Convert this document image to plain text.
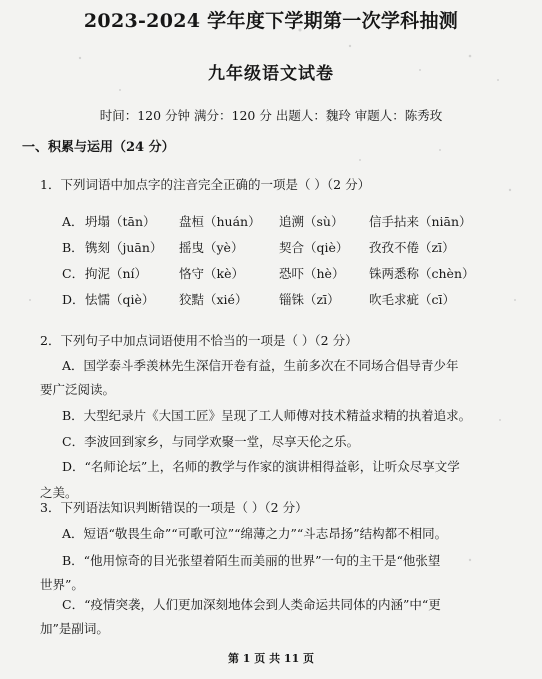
2023-2024 学年度下学期第一次学科抽测
九年级语文试卷
时间：120 分钟 满分：120 分 出题人：魏玲 审题人：陈秀玫
一、积累与运用（24 分）
1．下列词语中加点字的注音完全正确的一项是（ ）（2 分）
A． 坍塌（tān） 盘桓（huán） 追溯（sù） 信手拈来（niān）
B． 镌刻（juān） 摇曳（yè）	契合（qiè） 孜孜不倦（zī）
C． 拘泥（ní）	恪守（kè）	恐吓（hè） 铢两悉称（chèn）
D． 怯懦（qiè） 狡黠（xié）	锱铢（zī） 吹毛求疵（cī）
2．下列句子中加点词语使用不恰当的一项是（ ）（2 分）
A．国学泰斗季羡林先生深信开卷有益，生前多次在不同场合倡导青少年
要广泛阅读。
B．大型纪录片《大国工匠》呈现了工人师傅对技术精益求精的执着追求。
C．李波回到家乡，与同学欢聚一堂，尽享天伦之乐。
D．“名师论坛”上，名师的教学与作家的演讲相得益彰，让听众尽享文学
之美。
3．下列语法知识判断错误的一项是（ ）（2 分）
A．短语“敬畏生命”“可歌可泣”“绵薄之力”“斗志昂扬”结构都不相同。
B．“他用惊奇的目光张望着陌生而美丽的世界”一句的主干是“他张望
世界”。
C．“疫情突袭，人们更加深刻地体会到人类命运共同体的内涵”中“更
加”是副词。
第 1 页 共 11 页
